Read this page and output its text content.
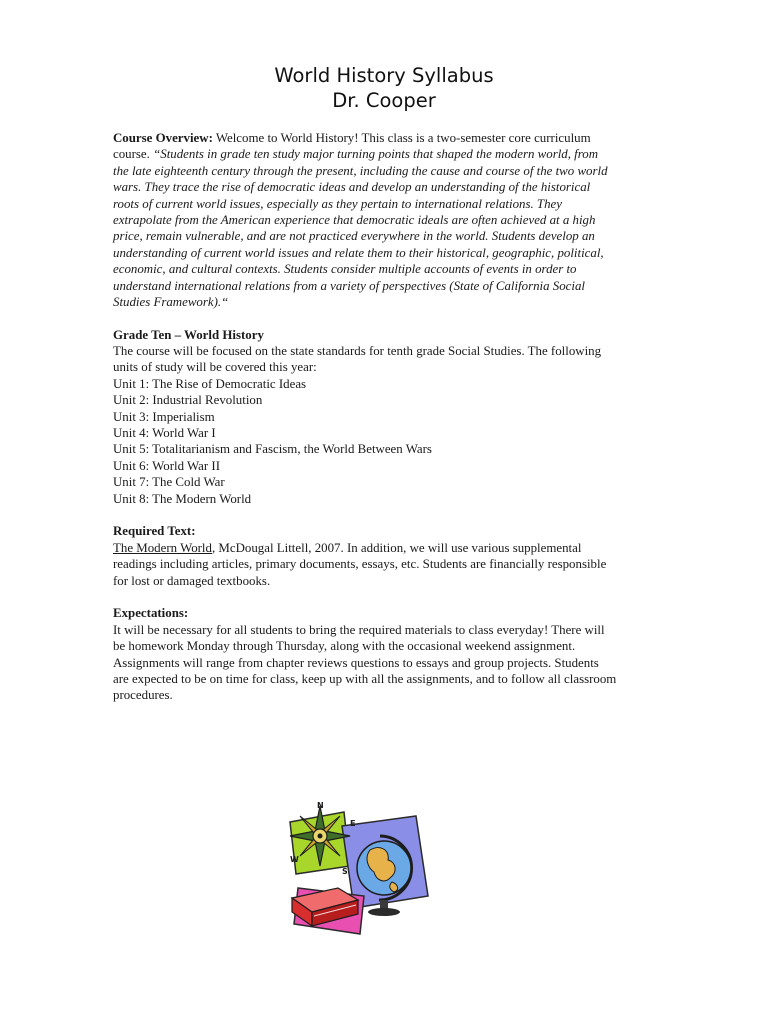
World History Syllabus
Dr. Cooper
Course Overview: Welcome to World History! This class is a two-semester core curriculum
course. “Students in grade ten study major turning points that shaped the modern world, from
the late eighteenth century through the present, including the cause and course of the two world
wars. They trace the rise of democratic ideas and develop an understanding of the historical
roots of current world issues, especially as they pertain to international relations. They
extrapolate from the American experience that democratic ideals are often achieved at a high
price, remain vulnerable, and are not practiced everywhere in the world. Students develop an
understanding of current world issues and relate them to their historical, geographic, political,
economic, and cultural contexts. Students consider multiple accounts of events in order to
understand international relations from a variety of perspectives (State of California Social
Studies Framework).“
Grade Ten – World History
The course will be focused on the state standards for tenth grade Social Studies. The following
units of study will be covered this year:
Unit 1: The Rise of Democratic Ideas
Unit 2: Industrial Revolution
Unit 3: Imperialism
Unit 4: World War I
Unit 5: Totalitarianism and Fascism, the World Between Wars
Unit 6: World War II
Unit 7: The Cold War
Unit 8: The Modern World
Required Text:
The Modern World, McDougal Littell, 2007. In addition, we will use various supplemental
readings including articles, primary documents, essays, etc. Students are financially responsible
for lost or damaged textbooks.
Expectations:
It will be necessary for all students to bring the required materials to class everyday! There will
be homework Monday through Thursday, along with the occasional weekend assignment.
Assignments will range from chapter reviews questions to essays and group projects. Students
are expected to be on time for class, keep up with all the assignments, and to follow all classroom
procedures.
N
E
S
W
